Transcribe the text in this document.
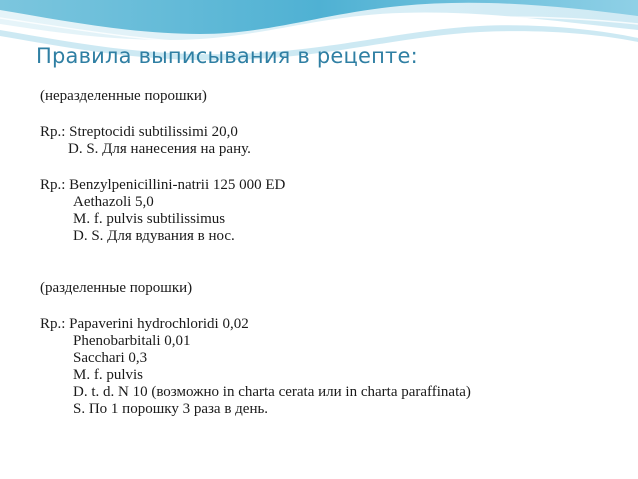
Правила выписывания в рецепте:
(неразделенные порошки)
Rp.: Streptocidi subtilissimi 20,0
D. S. Для нанесения на рану.
Rp.: Benzylpenicillini-natrii 125 000 ED
Aethazoli 5,0
M. f. pulvis subtilissimus
D. S. Для вдувания в нос.
(разделенные порошки)
Rp.: Papaverini hydrochloridi 0,02
Phenobarbitali 0,01
Sacchari 0,3
M. f. pulvis
D. t. d. N 10 (возможно in charta cerata или in charta paraffinata)
S. По 1 порошку 3 раза в день.
